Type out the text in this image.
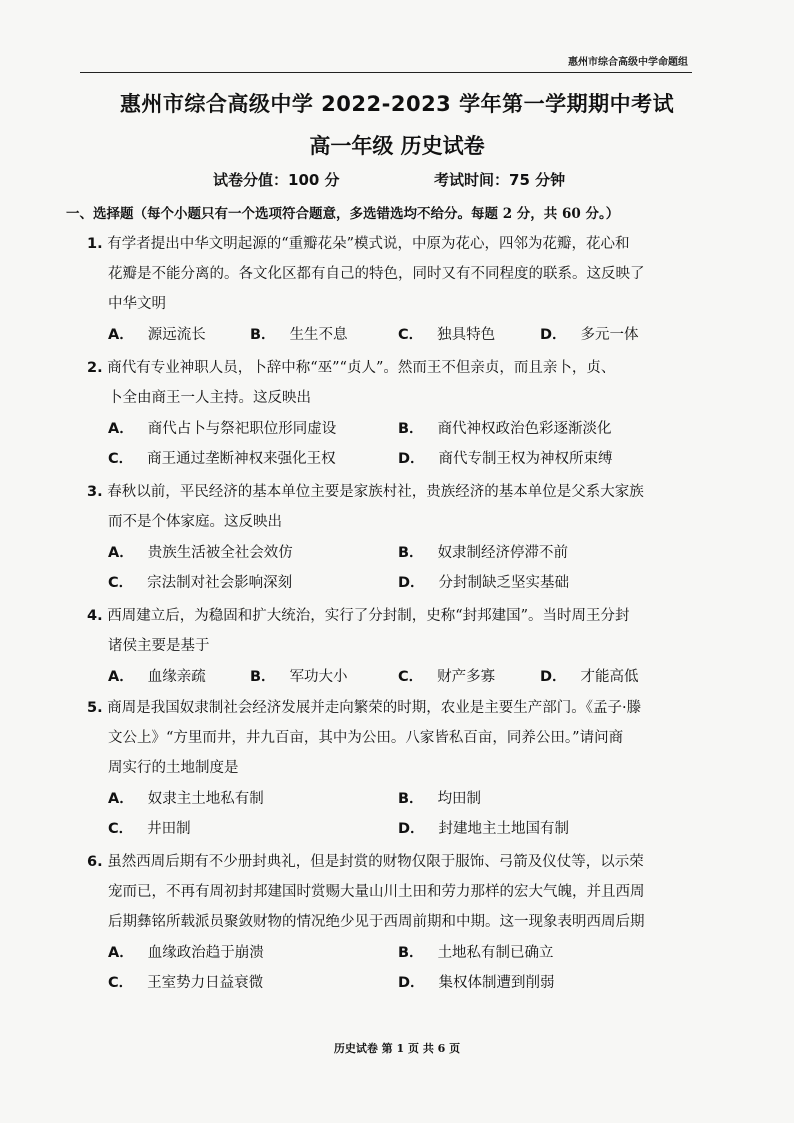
惠州市综合高级中学命题组
惠州市综合高级中学 2022-2023 学年第一学期期中考试
高一年级 历史试卷
试卷分值：100 分	考试时间：75 分钟
一、选择题（每个小题只有一个选项符合题意，多选错选均不给分。每题 2 分，共 60 分。）
1. 有学者提出中华文明起源的“重瓣花朵”模式说，中原为花心，四邻为花瓣，花心和
花瓣是不能分离的。各文化区都有自己的特色，同时又有不同程度的联系。这反映了
中华文明
A． 源远流长	B． 生生不息	C． 独具特色	D． 多元一体
2. 商代有专业神职人员，卜辞中称“巫”“贞人”。然而王不但亲贞，而且亲卜，贞、
卜全由商王一人主持。这反映出
A． 商代占卜与祭祀职位形同虚设	B． 商代神权政治色彩逐渐淡化
C． 商王通过垄断神权来强化王权	D． 商代专制王权为神权所束缚
3. 春秋以前，平民经济的基本单位主要是家族村社，贵族经济的基本单位是父系大家族
而不是个体家庭。这反映出
A． 贵族生活被全社会效仿	B． 奴隶制经济停滞不前
C． 宗法制对社会影响深刻	D． 分封制缺乏坚实基础
4. 西周建立后，为稳固和扩大统治，实行了分封制，史称“封邦建国”。当时周王分封
诸侯主要是基于
A． 血缘亲疏	B． 军功大小	C． 财产多寡	D． 才能高低
5. 商周是我国奴隶制社会经济发展并走向繁荣的时期，农业是主要生产部门。《孟子·滕
文公上》“方里而井，井九百亩，其中为公田。八家皆私百亩，同养公田。”请问商
周实行的土地制度是
A． 奴隶主土地私有制	B． 均田制
C． 井田制	D． 封建地主土地国有制
6. 虽然西周后期有不少册封典礼，但是封赏的财物仅限于服饰、弓箭及仪仗等，以示荣
宠而已，不再有周初封邦建国时赏赐大量山川土田和劳力那样的宏大气魄，并且西周
后期彝铭所载派员聚敛财物的情况绝少见于西周前期和中期。这一现象表明西周后期
A． 血缘政治趋于崩溃	B． 土地私有制已确立
C． 王室势力日益衰微	D． 集权体制遭到削弱
历史试卷 第 1 页 共 6 页
